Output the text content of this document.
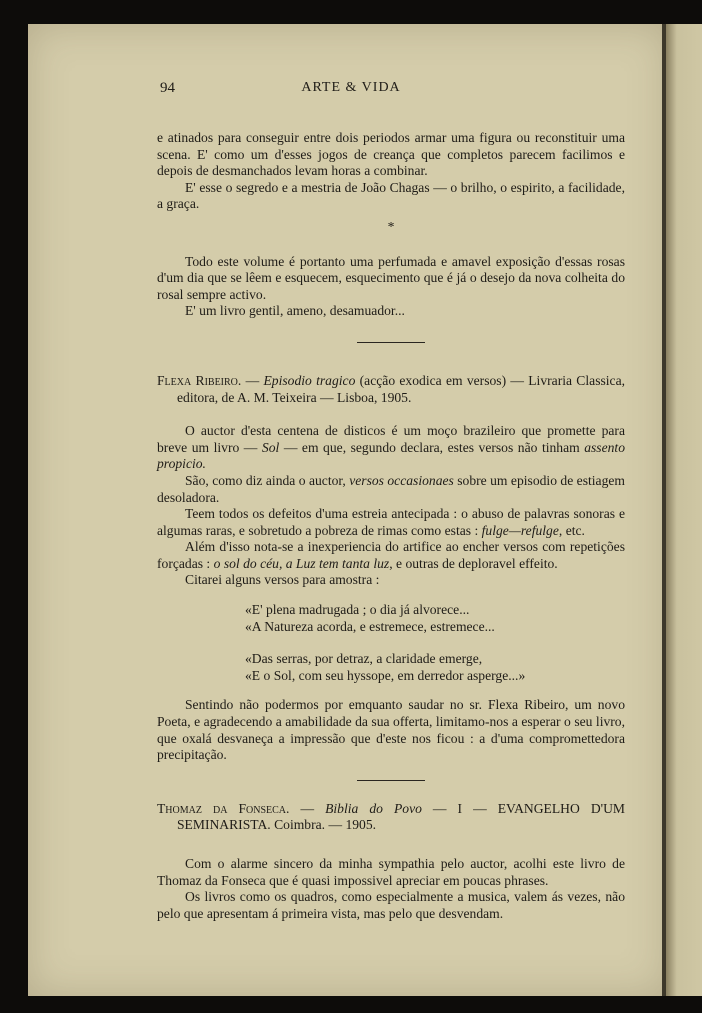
94	ARTE & VIDA

e atinados para conseguir entre dois periodos armar uma figura ou reconstituir uma scena. E' como um d'esses jogos de creança que completos parecem facilimos e depois de desmanchados levam horas a combinar.

E' esse o segredo e a mestria de João Chagas — o brilho, o espirito, a facilidade, a graça.

*

Todo este volume é portanto uma perfumada e amavel exposição d'essas rosas d'um dia que se lêem e esquecem, esquecimento que é já o desejo da nova colheita do rosal sempre activo.

E' um livro gentil, ameno, desamuador...

Flexa Ribeiro. — Episodio tragico (acção exodica em versos) — Livraria Classica, editora, de A. M. Teixeira — Lisboa, 1905.

O auctor d'esta centena de disticos é um moço brazileiro que promette para breve um livro — Sol — em que, segundo declara, estes versos não tinham assento propicio.

São, como diz ainda o auctor, versos occasionaes sobre um episodio de estiagem desoladora.

Teem todos os defeitos d'uma estreia antecipada : o abuso de palavras sonoras e algumas raras, e sobretudo a pobreza de rimas como estas : fulge—refulge, etc.

Além d'isso nota-se a inexperiencia do artifice ao encher versos com repetições forçadas : o sol do céu, a Luz tem tanta luz, e outras de deploravel effeito.

Citarei alguns versos para amostra :

«E' plena madrugada ; o dia já alvorece...
«A Natureza acorda, e estremece, estremece...
«Das serras, por detraz, a claridade emerge,
«E o Sol, com seu hyssope, em derredor asperge...»

Sentindo não podermos por emquanto saudar no sr. Flexa Ribeiro, um novo Poeta, e agradecendo a amabilidade da sua offerta, limitamo-nos a esperar o seu livro, que oxalá desvaneça a impressão que d'este nos ficou : a d'uma compromettedora precipitação.

Thomaz da Fonseca. — Biblia do Povo — I — EVANGELHO D'UM SEMINARISTA. Coimbra. — 1905.

Com o alarme sincero da minha sympathia pelo auctor, acolhi este livro de Thomaz da Fonseca que é quasi impossivel apreciar em poucas phrases.

Os livros como os quadros, como especialmente a musica, valem ás vezes, não pelo que apresentam á primeira vista, mas pelo que desvendam.
